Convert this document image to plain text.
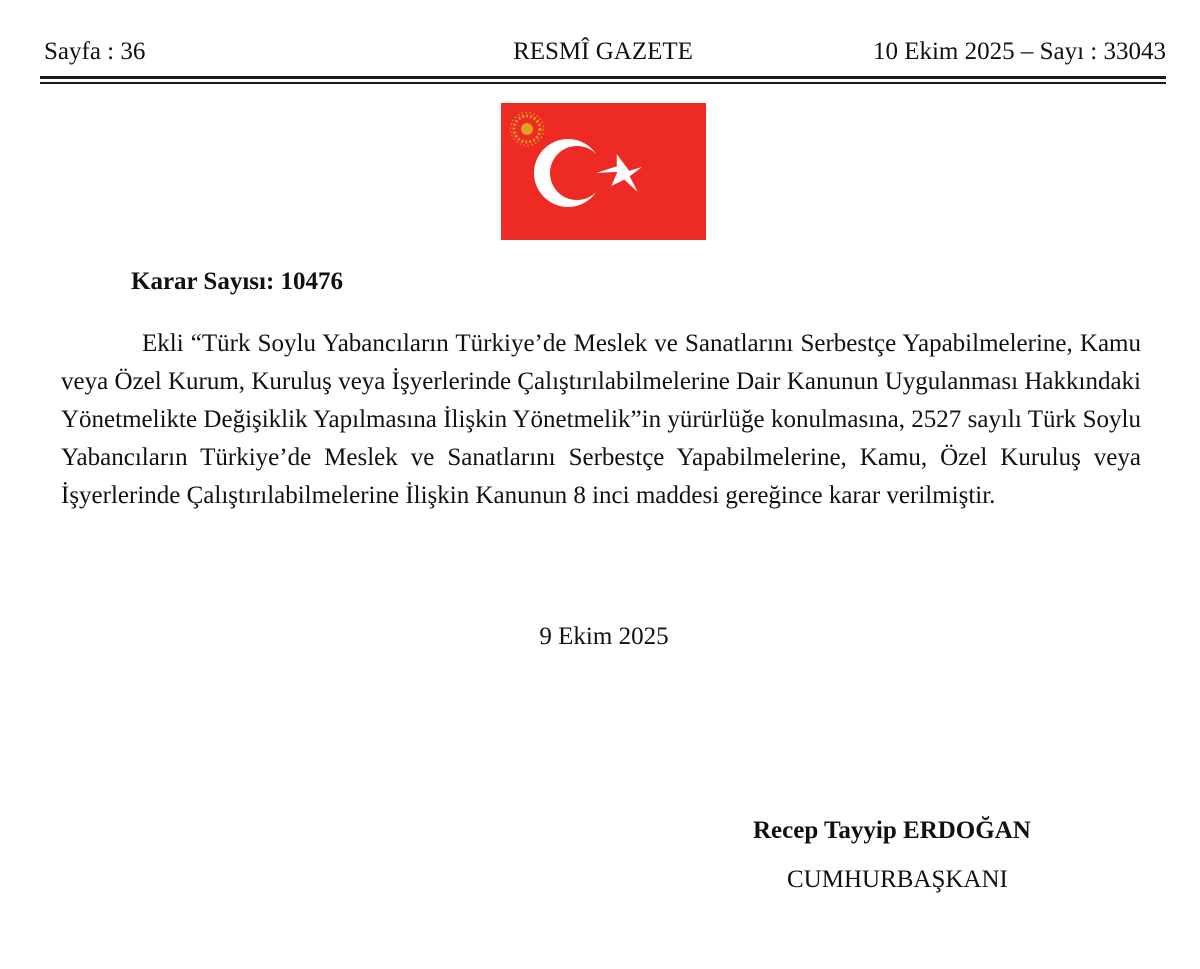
Sayfa : 36	RESMÎ GAZETE	10 Ekim 2025 – Sayı : 33043
Karar Sayısı: 10476

Ekli “Türk Soylu Yabancıların Türkiye’de Meslek ve Sanatlarını Serbestçe Yapabilmelerine, Kamu veya Özel Kurum, Kuruluş veya İşyerlerinde Çalıştırılabilmelerine Dair Kanunun Uygulanması Hakkındaki Yönetmelikte Değişiklik Yapılmasına İlişkin Yönetmelik”in yürürlüğe konulmasına, 2527 sayılı Türk Soylu Yabancıların Türkiye’de Meslek ve Sanatlarını Serbestçe Yapabilmelerine, Kamu, Özel Kuruluş veya İşyerlerinde Çalıştırılabilmelerine İlişkin Kanunun 8 inci maddesi gereğince karar verilmiştir.

9 Ekim 2025
Recep Tayyip ERDOĞAN
CUMHURBAŞKANI
